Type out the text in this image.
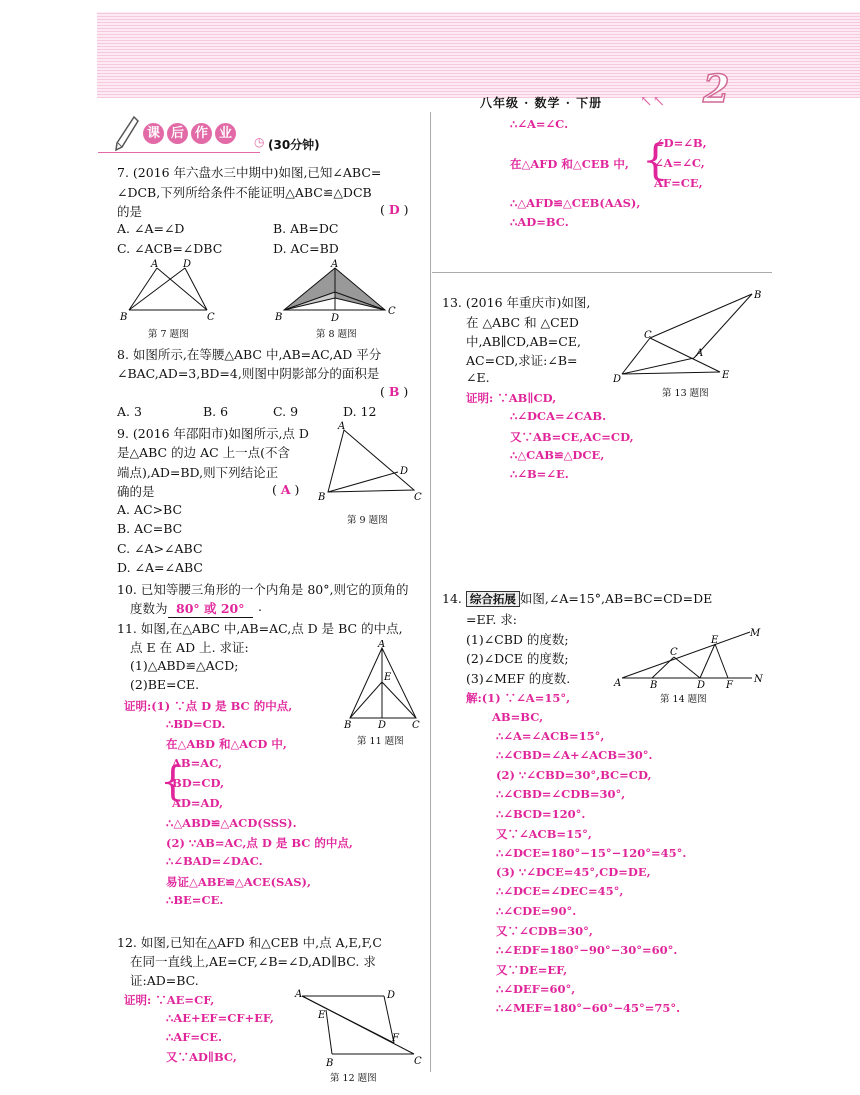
2
八年级 · 数学 · 下册	↖↖
课 后 作 业
◷ (30分钟)
7. (2016 年六盘水三中期中)如图,已知∠ABC=
∠DCB,下列所给条件不能证明△ABC≌△DCB
的是	( D )
A. ∠A=∠D	B. AB=DC
C. ∠ACB=∠DBC	D. AC=BD
A D
B	C
第 7 题图
A
B
C
D
第 8 题图
8. 如图所示,在等腰△ABC 中,AB=AC,AD 平分
∠BAC,AD=3,BD=4,则图中阴影部分的面积是
( B )
A. 3	B. 6	C. 9	D. 12
9. (2016 年邵阳市)如图所示,点 D
是△ABC 的边 AC 上一点(不含
端点),AD=BD,则下列结论正
确的是	( A )
A. AC>BC
B. AC=BC
C. ∠A>∠ABC
D. ∠A=∠ABC
A
B	C
D
第 9 题图
10. 已知等腰三角形的一个内角是 80°,则它的顶角的
度数为 80° 或 20°	.
11. 如图,在△ABC 中,AB=AC,点 D 是 BC 的中点,
点 E 在 AD 上. 求证:
(1)△ABD≌△ACD;
(2)BE=CE.
A
B	D	C
E
第 11 题图
证明:(1) ∵点 D 是 BC 的中点,
∴BD=CD.
在△ABD 和△ACD 中,
{
AB=AC,
BD=CD,
AD=AD,
∴△ABD≌△ACD(SSS).
(2) ∵AB=AC,点 D 是 BC 的中点,
∴∠BAD=∠DAC.
易证△ABE≌△ACE(SAS),
∴BE=CE.
12. 如图,已知在△AFD 和△CEB 中,点 A,E,F,C
在同一直线上,AE=CF,∠B=∠D,AD∥BC. 求
证:AD=BC.
证明: ∵AE=CF,
∴AE+EF=CF+EF,
∴AF=CE.
又∵AD∥BC,
A	D
E
F
B	C
第 12 题图
∴∠A=∠C.
在△AFD 和△CEB 中, {
∠D=∠B,
∠A=∠C,
AF=CE,
∴△AFD≌△CEB(AAS),
∴AD=BC.
13. (2016 年重庆市)如图,
在 △ABC 和 △CED
中,AB∥CD,AB=CE,
AC=CD,求证:∠B=
∠E.
B
C
A
D	E
第 13 题图
证明: ∵AB∥CD,
∴∠DCA=∠CAB.
又∵AB=CE,AC=CD,
∴△CAB≌△DCE,
∴∠B=∠E.
14. 综合拓展 如图,∠A=15°,AB=BC=CD=DE
=EF. 求:
(1)∠CBD 的度数;
(2)∠DCE 的度数;
(3)∠MEF 的度数.	A	B
C
D
E
F
M
N
第 14 题图
解:(1) ∵∠A=15°,
AB=BC,
∴∠A=∠ACB=15°,
∴∠CBD=∠A+∠ACB=30°.
(2) ∵∠CBD=30°,BC=CD,
∴∠CBD=∠CDB=30°,
∴∠BCD=120°.
又∵∠ACB=15°,
∴∠DCE=180°−15°−120°=45°.
(3) ∵∠DCE=45°,CD=DE,
∴∠DCE=∠DEC=45°,
∴∠CDE=90°.
又∵∠CDB=30°,
∴∠EDF=180°−90°−30°=60°.
又∵DE=EF,
∴∠DEF=60°,
∴∠MEF=180°−60°−45°=75°.
